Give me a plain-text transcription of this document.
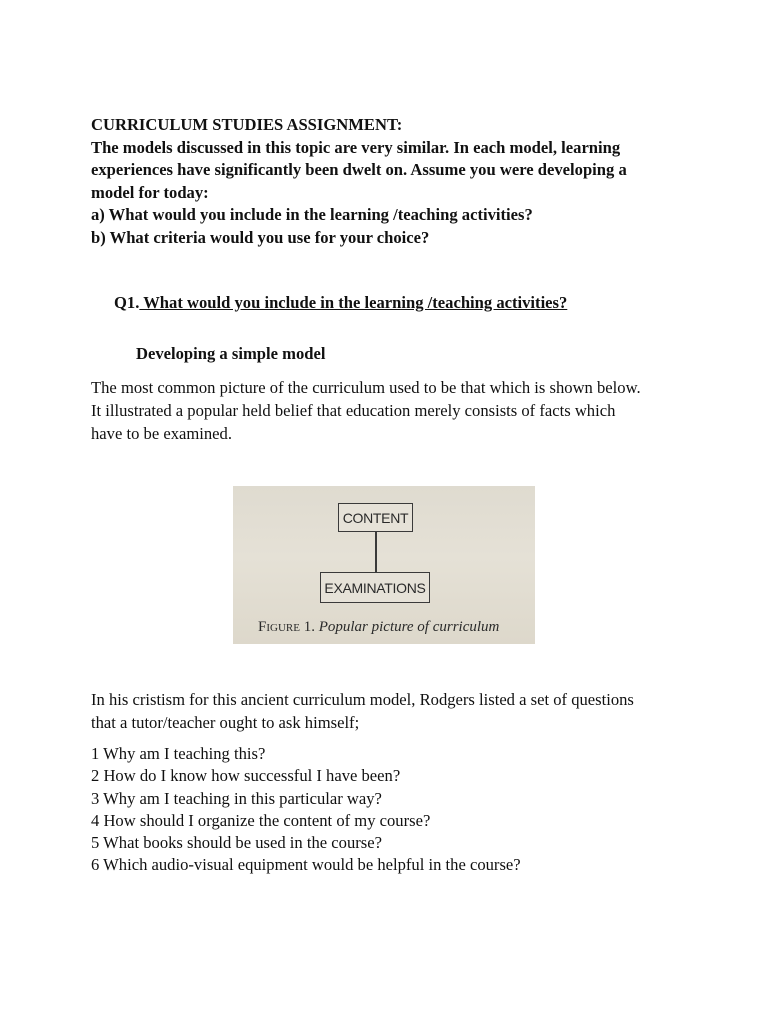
CURRICULUM STUDIES ASSIGNMENT:

The models discussed in this topic are very similar. In each model, learning

experiences have significantly been dwelt on. Assume you were developing a

model for today:

a) What would you include in the learning /teaching activities?

b) What criteria would you use for your choice?

Q1. What would you include in the learning /teaching activities?
Developing a simple model

The most common picture of the curriculum used to be that which is shown below.

It illustrated a popular held belief that education merely consists of facts which

have to be examined.

CONTENT
EXAMINATIONS
Figure 1. Popular picture of curriculum

In his cristism for this ancient curriculum model, Rodgers listed a set of questions

that a tutor/teacher ought to ask himself;

1 Why am I teaching this?

2 How do I know how successful I have been?

3 Why am I teaching in this particular way?

4 How should I organize the content of my course?

5 What books should be used in the course?

6 Which audio-visual equipment would be helpful in the course?
